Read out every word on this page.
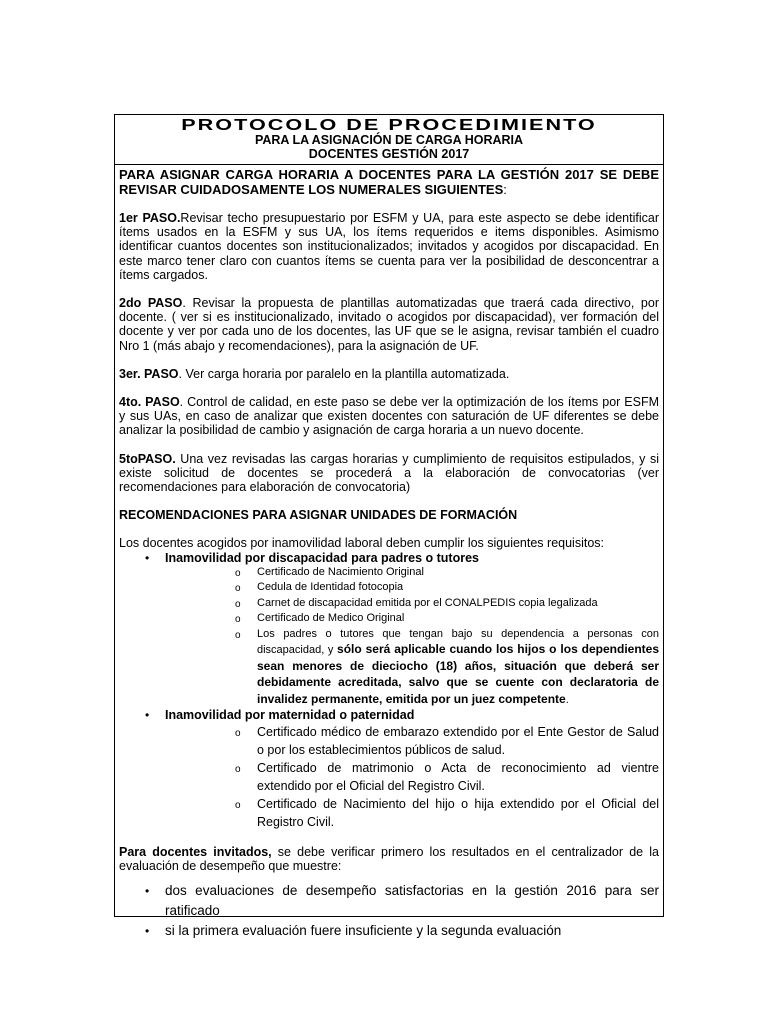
PROTOCOLO DE PROCEDIMIENTO
PARA LA ASIGNACIÓN DE CARGA HORARIA
DOCENTES GESTIÓN 2017

PARA ASIGNAR CARGA HORARIA A DOCENTES PARA LA GESTIÓN 2017 SE DEBE REVISAR CUIDADOSAMENTE LOS NUMERALES SIGUIENTES:

1er PASO.Revisar techo presupuestario por ESFM y UA, para este aspecto se debe identificar ítems usados en la ESFM y sus UA, los ítems requeridos e items disponibles. Asimismo identificar cuantos docentes son institucionalizados; invitados y acogidos por discapacidad. En este marco tener claro con cuantos ítems se cuenta para ver la posibilidad de desconcentrar a ítems cargados.

2do PASO. Revisar la propuesta de plantillas automatizadas que traerá cada directivo, por docente. ( ver si es institucionalizado, invitado o acogidos por discapacidad), ver formación del docente y ver por cada uno de los docentes, las UF que se le asigna, revisar también el cuadro Nro 1 (más abajo y recomendaciones), para la asignación de UF.

3er. PASO. Ver carga horaria por paralelo en la plantilla automatizada.

4to. PASO. Control de calidad, en este paso se debe ver la optimización de los ítems por ESFM y sus UAs, en caso de analizar que existen docentes con saturación de UF diferentes se debe analizar la posibilidad de cambio y asignación de carga horaria a un nuevo docente.

5toPASO. Una vez revisadas las cargas horarias y cumplimiento de requisitos estipulados, y si existe solicitud de docentes se procederá a la elaboración de convocatorias (ver recomendaciones para elaboración de convocatoria)

RECOMENDACIONES PARA ASIGNAR UNIDADES DE FORMACIÓN

Los docentes acogidos por inamovilidad laboral deben cumplir los siguientes requisitos:

• Inamovilidad por discapacidad para padres o tutores
o Certificado de Nacimiento Original
o Cedula de Identidad fotocopia
o Carnet de discapacidad emitida por el CONALPEDIS copia legalizada
o Certificado de Medico Original
o Los padres o tutores que tengan bajo su dependencia a personas con discapacidad, y sólo será aplicable cuando los hijos o los dependientes sean menores de dieciocho (18) años, situación que deberá ser debidamente acreditada, salvo que se cuente con declaratoria de invalidez permanente, emitida por un juez competente.
• Inamovilidad por maternidad o paternidad
o Certificado médico de embarazo extendido por el Ente Gestor de Salud o por los establecimientos públicos de salud.
o Certificado de matrimonio o Acta de reconocimiento ad vientre extendido por el Oficial del Registro Civil.
o Certificado de Nacimiento del hijo o hija extendido por el Oficial del Registro Civil.

Para docentes invitados, se debe verificar primero los resultados en el centralizador de la evaluación de desempeño que muestre:

• dos evaluaciones de desempeño satisfactorias en la gestión 2016 para ser ratificado
• si la primera evaluación fuere insuficiente y la segunda evaluación
